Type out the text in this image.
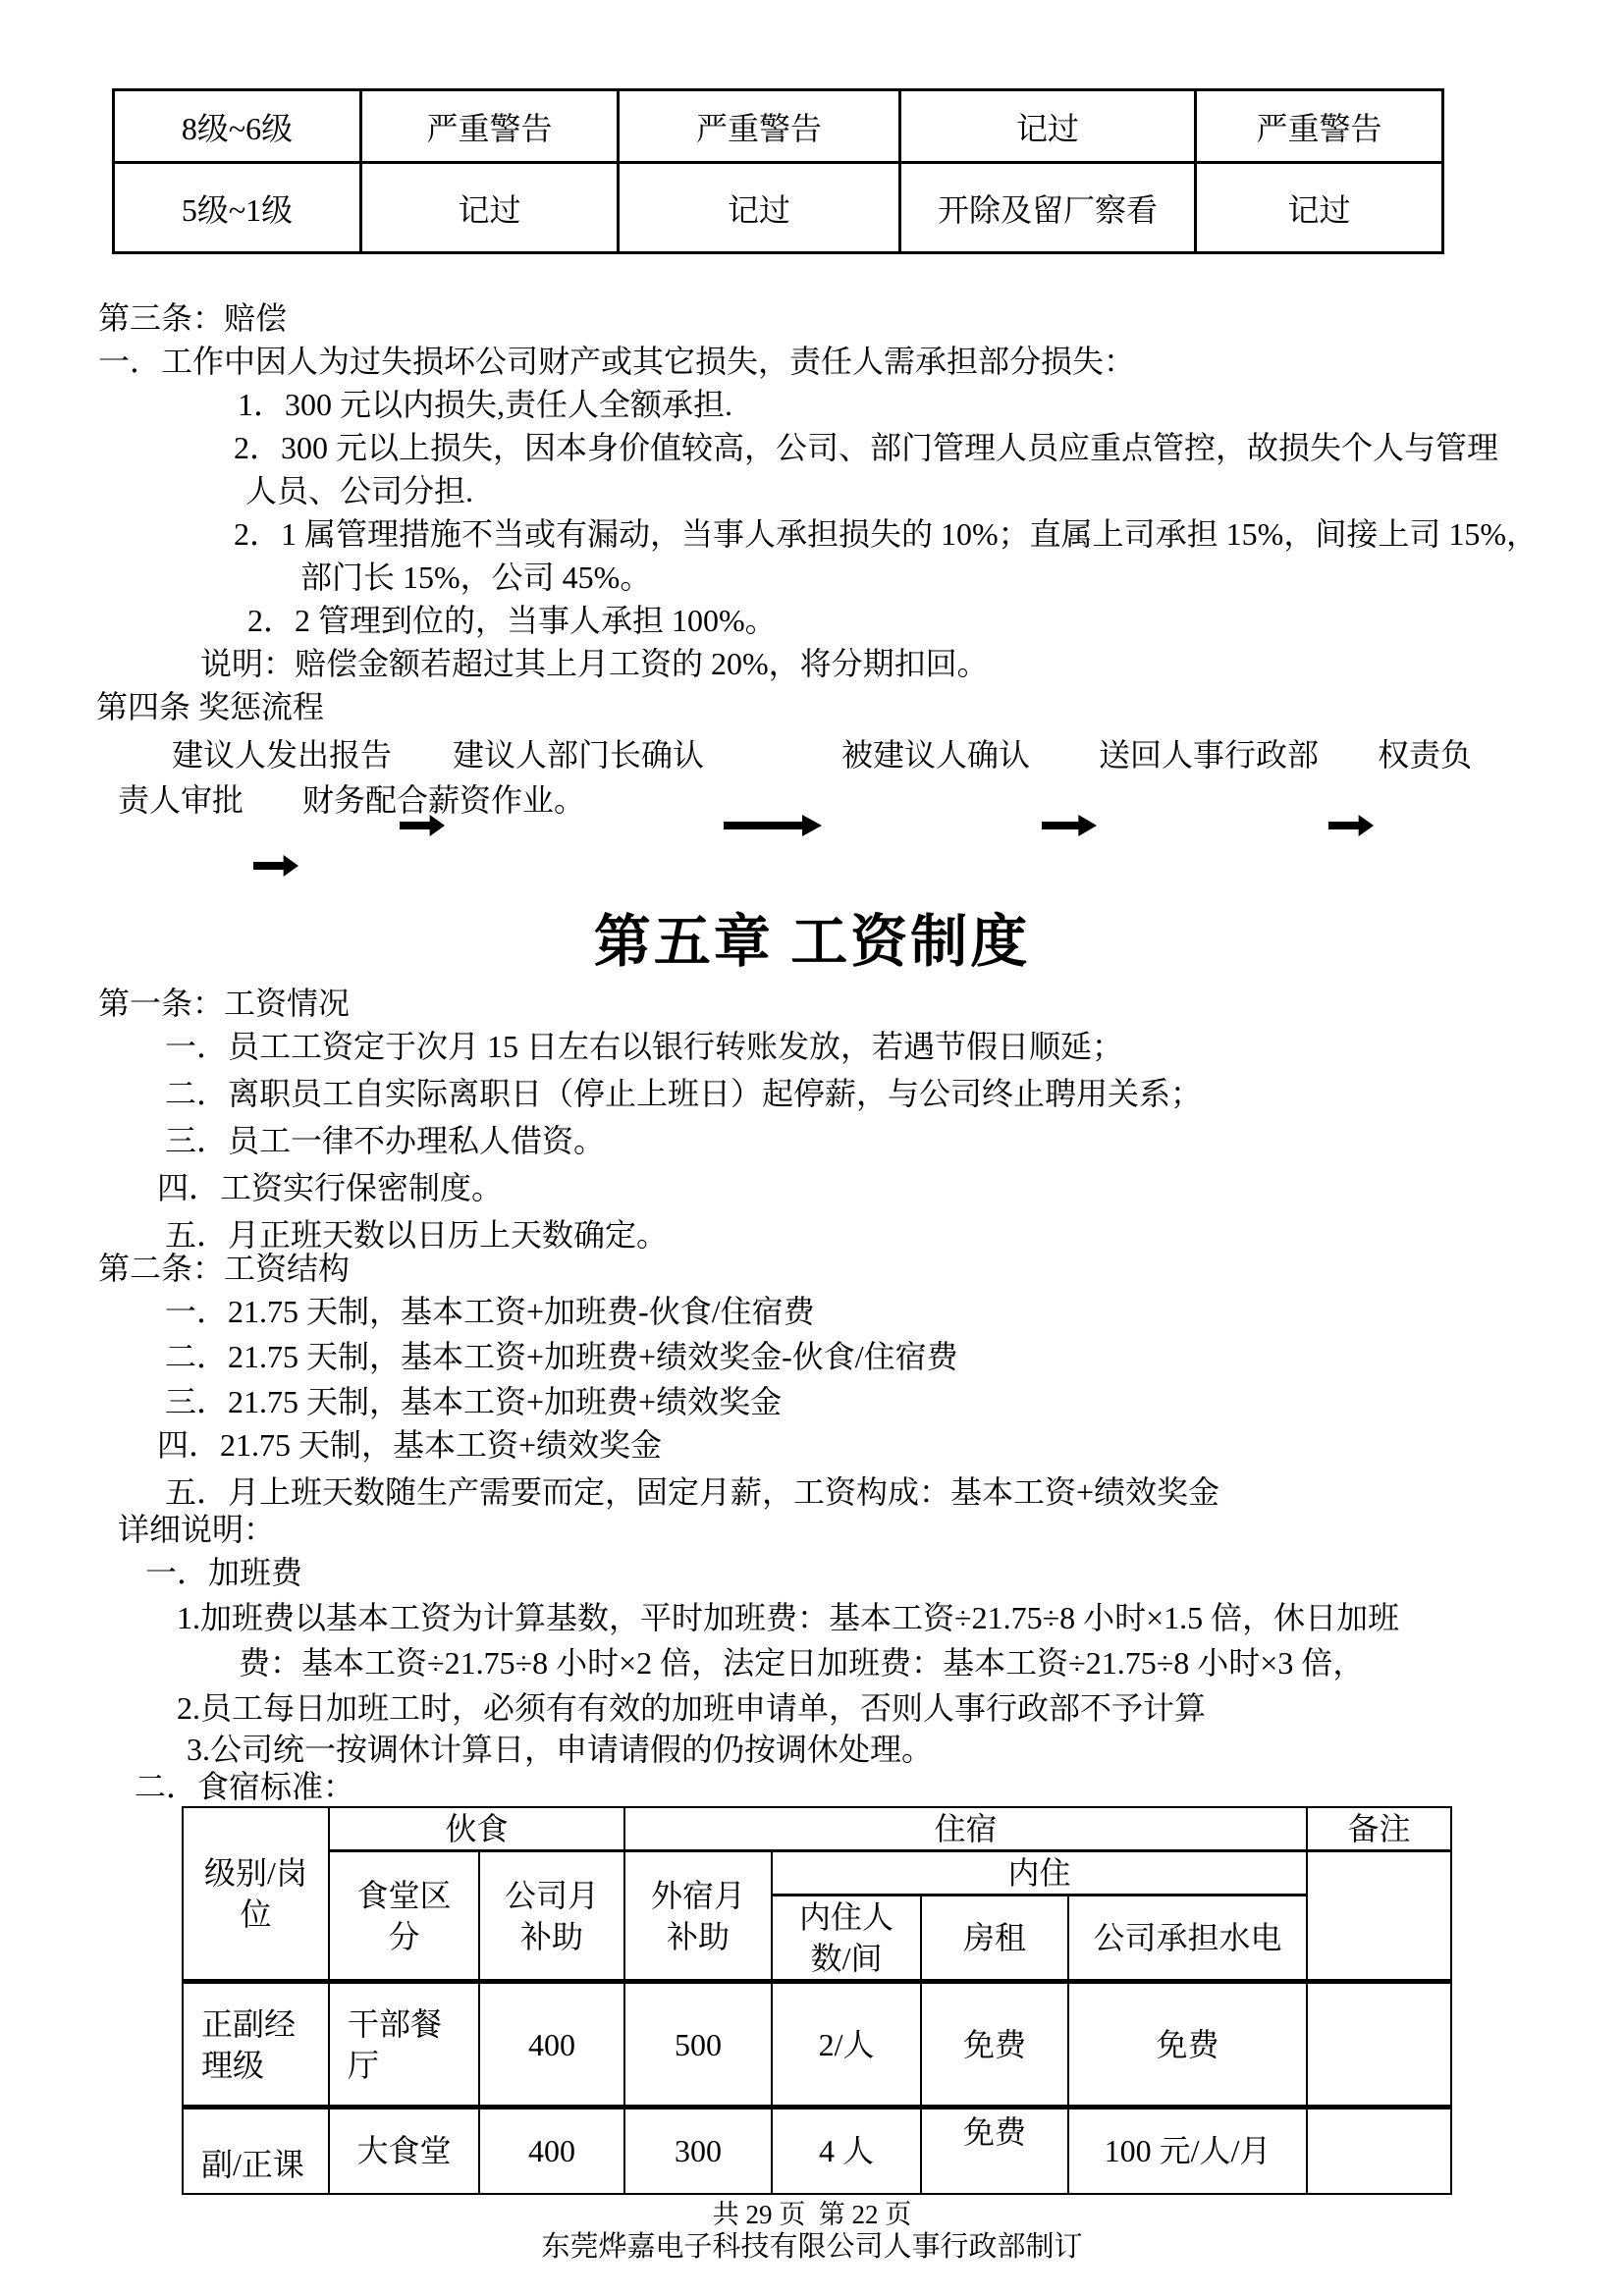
8级~6级	严重警告	严重警告	记过	严重警告
5级~1级	记过	记过	开除及留厂察看	记过
第三条：赔偿
一．工作中因人为过失损坏公司财产或其它损失，责任人需承担部分损失：
1．300 元以内损失,责任人全额承担.
2．300 元以上损失，因本身价值较高，公司、部门管理人员应重点管控，故损失个人与管理
人员、公司分担.
2．1 属管理措施不当或有漏动，当事人承担损失的 10%；直属上司承担 15%，间接上司 15%，
部门长 15%，公司 45%。
2．2 管理到位的，当事人承担 100%。
说明：赔偿金额若超过其上月工资的 20%，将分期扣回。
第四条 奖惩流程
建议人发出报告

建议人部门长确认

	被建议人确认

送回人事行政部

权责负
责人审批

财务配合薪资作业。
第五章 工资制度
第一条：工资情况
一．员工工资定于次月 15 日左右以银行转账发放，若遇节假日顺延；
二．离职员工自实际离职日（停止上班日）起停薪，与公司终止聘用关系；
三．员工一律不办理私人借资。
四．工资实行保密制度。
五．月正班天数以日历上天数确定。
第二条：工资结构
一．21.75 天制，基本工资+加班费-伙食/住宿费
二．21.75 天制，基本工资+加班费+绩效奖金-伙食/住宿费
三．21.75 天制，基本工资+加班费+绩效奖金
四．21.75 天制，基本工资+绩效奖金
五．月上班天数随生产需要而定，固定月薪，工资构成：基本工资+绩效奖金
详细说明：
一．加班费
1.加班费以基本工资为计算基数，平时加班费：基本工资÷21.75÷8 小时×1.5 倍，休日加班
费：基本工资÷21.75÷8 小时×2 倍，法定日加班费：基本工资÷21.75÷8 小时×3 倍，
2.员工每日加班工时，必须有有效的加班申请单，否则人事行政部不予计算
3.公司统一按调休计算日，申请请假的仍按调休处理。
二．食宿标准：
级别/岗位	伙食		住宿				备注
	食堂区分	公司月补助	外宿月补助	内住			
				内住人数/间	房租	公司承担水电	
正副经理级	干部餐厅	400	500	2/人	免费	免费	
副/正课	大食堂	400	300	4 人	免费	100 元/人/月	
共 29 页  第 22 页
东莞烨嘉电子科技有限公司人事行政部制订
